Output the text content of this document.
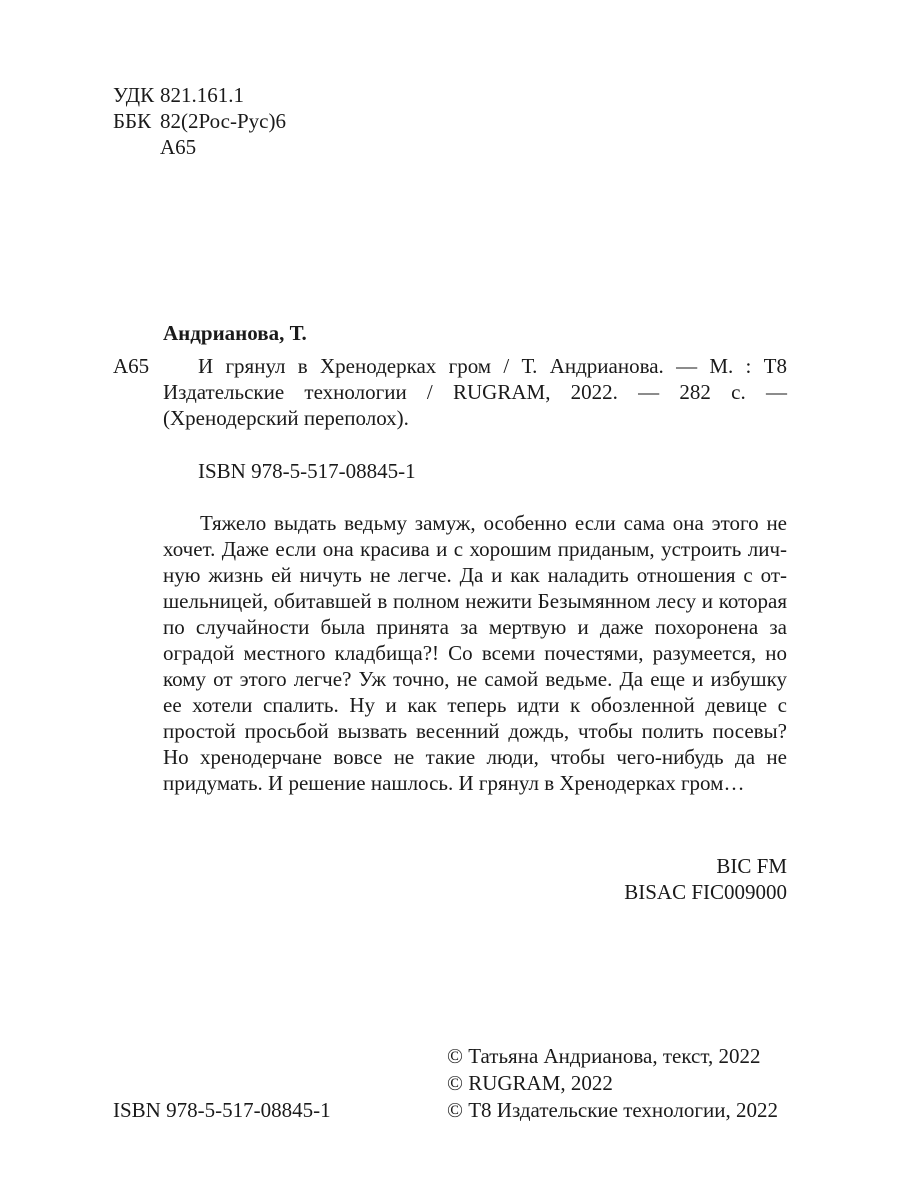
УДК 821.161.1
ББК 82(2Рос-Рус)6
А65
Андрианова, Т.
А65	И грянул в Хренодерках гром / Т. Андрианова. — М. : Т8 Издательские технологии / RUGRAM, 2022. — 282 с. — (Хренодерский переполох).
ISBN 978-5-517-08845-1
Тяжело выдать ведьму замуж, особенно если сама она этого не хочет. Даже если она красива и с хорошим приданым, устроить личную жизнь ей ничуть не легче. Да и как наладить отношения с отшельницей, обитавшей в полном нежити Безымянном лесу и которая по случайности была принята за мертвую и даже похоронена за оградой местного кладбища?! Со всеми почестями, разумеется, но кому от этого легче? Уж точно, не самой ведьме. Да еще и избушку ее хотели спалить. Ну и как теперь идти к обозленной девице с простой просьбой вызвать весенний дождь, чтобы полить посевы? Но хренодерчане вовсе не такие люди, чтобы чего-нибудь да не придумать. И решение нашлось. И грянул в Хренодерках гром…
BIC FM
BISAC FIC009000
ISBN 978-5-517-08845-1
© Татьяна Андрианова, текст, 2022
© RUGRAM, 2022
© Т8 Издательские технологии, 2022
